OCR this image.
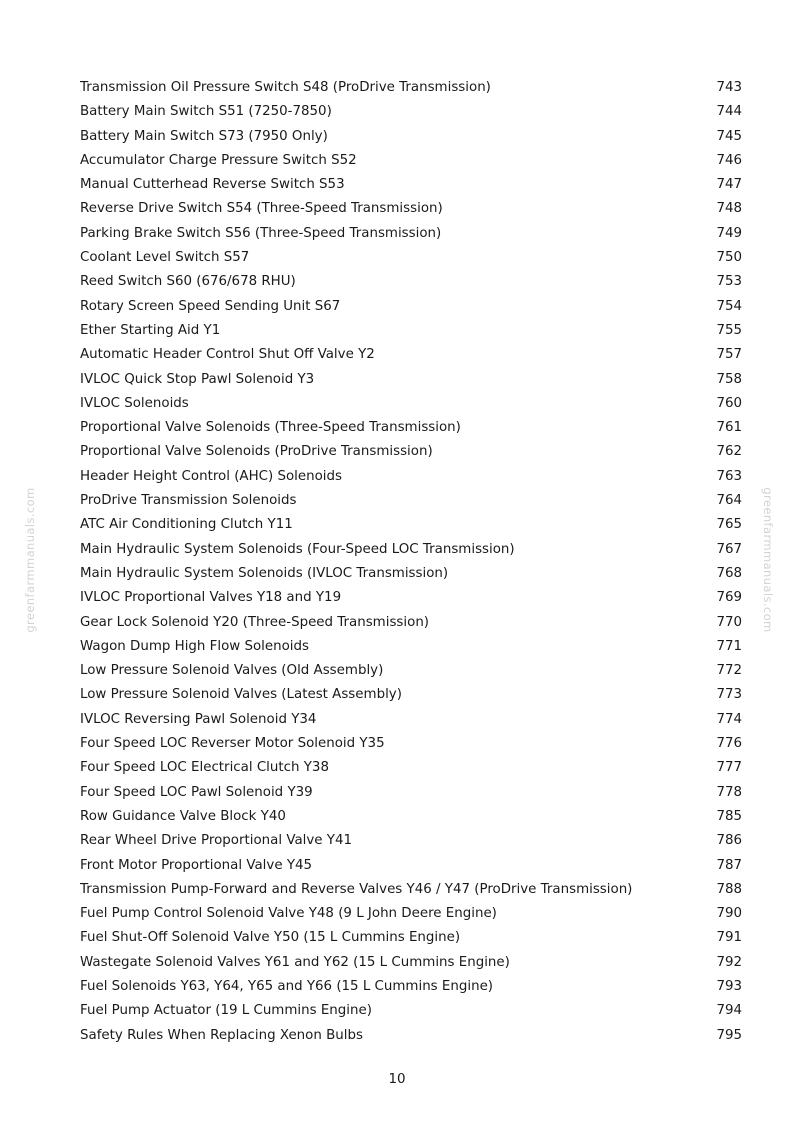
greenfarmmanuals.com	greenfarmmanuals.com
Transmission Oil Pressure Switch S48 (ProDrive Transmission)	743
Battery Main Switch S51 (7250-7850)	744
Battery Main Switch S73 (7950 Only)	745
Accumulator Charge Pressure Switch S52	746
Manual Cutterhead Reverse Switch S53	747
Reverse Drive Switch S54 (Three-Speed Transmission)	748
Parking Brake Switch S56 (Three-Speed Transmission)	749
Coolant Level Switch S57	750
Reed Switch S60 (676/678 RHU)	753
Rotary Screen Speed Sending Unit S67	754
Ether Starting Aid Y1	755
Automatic Header Control Shut Off Valve Y2	757
IVLOC Quick Stop Pawl Solenoid Y3	758
IVLOC Solenoids	760
Proportional Valve Solenoids (Three-Speed Transmission)	761
Proportional Valve Solenoids (ProDrive Transmission)	762
Header Height Control (AHC) Solenoids	763
ProDrive Transmission Solenoids	764
ATC Air Conditioning Clutch Y11	765
Main Hydraulic System Solenoids (Four-Speed LOC Transmission)	767
Main Hydraulic System Solenoids (IVLOC Transmission)	768
IVLOC Proportional Valves Y18 and Y19	769
Gear Lock Solenoid Y20 (Three-Speed Transmission)	770
Wagon Dump High Flow Solenoids	771
Low Pressure Solenoid Valves (Old Assembly)	772
Low Pressure Solenoid Valves (Latest Assembly)	773
IVLOC Reversing Pawl Solenoid Y34	774
Four Speed LOC Reverser Motor Solenoid Y35	776
Four Speed LOC Electrical Clutch Y38	777
Four Speed LOC Pawl Solenoid Y39	778
Row Guidance Valve Block Y40	785
Rear Wheel Drive Proportional Valve Y41	786
Front Motor Proportional Valve Y45	787
Transmission Pump-Forward and Reverse Valves Y46 / Y47 (ProDrive Transmission)	788
Fuel Pump Control Solenoid Valve Y48 (9 L John Deere Engine)	790
Fuel Shut-Off Solenoid Valve Y50 (15 L Cummins Engine)	791
Wastegate Solenoid Valves Y61 and Y62 (15 L Cummins Engine)	792
Fuel Solenoids Y63, Y64, Y65 and Y66 (15 L Cummins Engine)	793
Fuel Pump Actuator (19 L Cummins Engine)	794
Safety Rules When Replacing Xenon Bulbs	795
10
